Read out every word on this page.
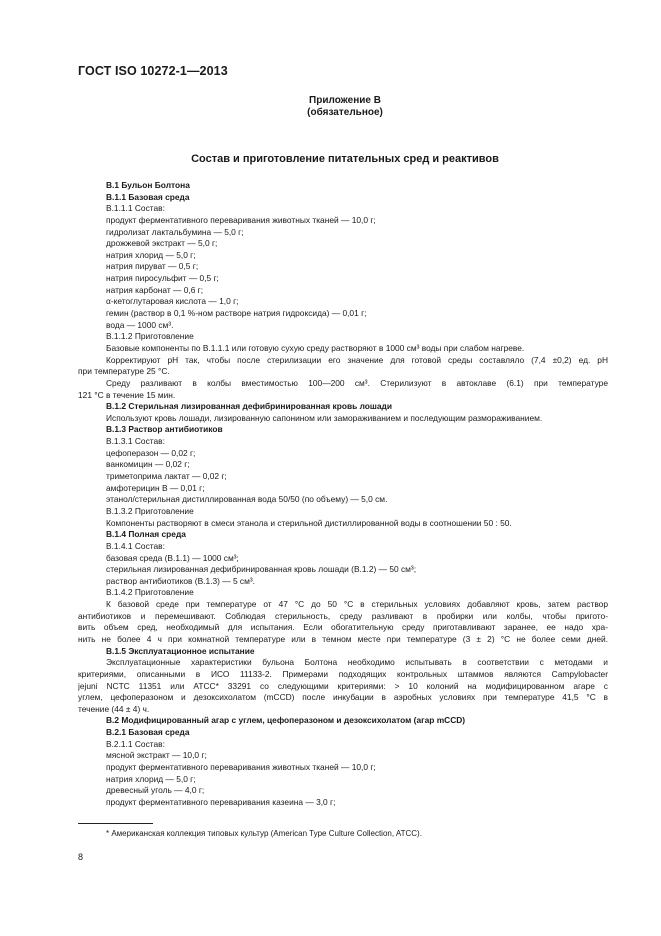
ГОСТ ISO 10272-1—2013
Приложение В
(обязательное)
Состав и приготовление питательных сред и реактивов
В.1 Бульон Болтона
В.1.1 Базовая среда
В.1.1.1 Состав:
продукт ферментативного переваривания животных тканей — 10,0 г;
гидролизат лактальбумина — 5,0 г;
дрожжевой экстракт — 5,0 г;
натрия хлорид — 5,0 г;
натрия пируват — 0,5 г;
натрия пиросульфит — 0,5 г;
натрия карбонат — 0,6 г;
α-кетоглутаровая кислота — 1,0 г;
гемин (раствор в 0,1 %-ном растворе натрия гидроксида) — 0,01 г;
вода — 1000 см³.
В.1.1.2 Приготовление
Базовые компоненты по В.1.1.1 или готовую сухую среду растворяют в 1000 см³ воды при слабом нагреве.
Корректируют pH так, чтобы после стерилизации его значение для готовой среды составляло (7,4 ±0,2) ед. pH
при температуре 25 °С.
Среду разливают в колбы вместимостью 100—200 см³. Стерилизуют в автоклаве (6.1) при температуре
121 °С в течение 15 мин.
В.1.2 Стерильная лизированная дефибринированная кровь лошади
Используют кровь лошади, лизированную сапонином или замораживанием и последующим размораживанием.
В.1.3 Раствор антибиотиков
В.1.3.1 Состав:
цефоперазон — 0,02 г;
ванкомицин — 0,02 г;
триметоприма лактат — 0,02 г;
амфотерицин В — 0,01 г;
этанол/стерильная дистиллированная вода 50/50 (по объему) — 5,0 см.
В.1.3.2 Приготовление
Компоненты растворяют в смеси этанола и стерильной дистиллированной воды в соотношении 50 : 50.
В.1.4 Полная среда
В.1.4.1 Состав:
базовая среда (В.1.1) — 1000 см³;
стерильная лизированная дефибринированная кровь лошади (В.1.2) — 50 см³;
раствор антибиотиков (В.1.3) — 5 см³.
В.1.4.2 Приготовление
К базовой среде при температуре от 47 °С до 50 °С в стерильных условиях добавляют кровь, затем раствор
антибиотиков и перемешивают. Соблюдая стерильность, среду разливают в пробирки или колбы, чтобы пригото-
вить объем сред, необходимый для испытания. Если обогатительную среду приготавливают заранее, ее надо хра-
нить не более 4 ч при комнатной температуре или в темном месте при температуре (3 ± 2) °С не более семи дней.
В.1.5 Эксплуатационное испытание
Эксплуатационные характеристики бульона Болтона необходимо испытывать в соответствии с методами и
критериями, описанными в ИСО 11133-2. Примерами подходящих контрольных штаммов являются Campylobacter
jejuni NCTC 11351 или ATCC* 33291 со следующими критериями: > 10 колоний на модифицированном агаре с
углем, цефоперазоном и дезоксихолатом (mCCD) после инкубации в аэробных условиях при температуре 41,5 °С в
течение (44 ± 4) ч.
В.2 Модифицированный агар с углем, цефоперазоном и дезоксихолатом (агар mCCD)
В.2.1 Базовая среда
В.2.1.1 Состав:
мясной экстракт — 10,0 г;
продукт ферментативного переваривания животных тканей — 10,0 г;
натрия хлорид — 5,0 г;
древесный уголь — 4,0 г;
продукт ферментативного переваривания казеина — 3,0 г;
* Американская коллекция типовых культур (American Type Culture Collection, ATCC).
8
